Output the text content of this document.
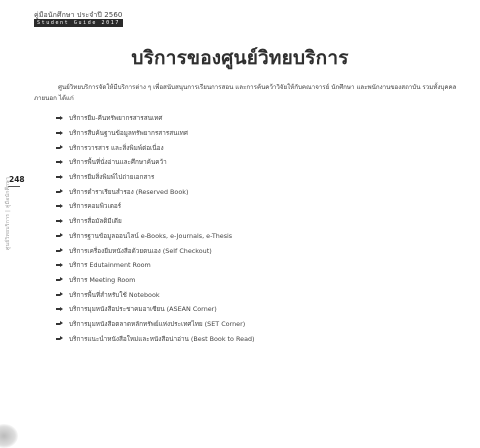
คู่มือนักศึกษา ประจำปี 2560
Student Guide 2017
บริการของศูนย์วิทยบริการ

ศูนย์วิทยบริการจัดให้มีบริการต่าง ๆ เพื่อสนับสนุนการเรียนการสอน และการค้นคว้าวิจัยให้กับคณาจารย์ นักศึกษา และพนักงานของสถาบัน รวมทั้งบุคคลภายนอก ได้แก่

บริการยืม-คืนทรัพยากรสารสนเทศ
บริการสืบค้นฐานข้อมูลทรัพยากรสารสนเทศ
บริการวารสาร และสิ่งพิมพ์ต่อเนื่อง
บริการพื้นที่นั่งอ่านและศึกษาค้นคว้า
บริการยืมสิ่งพิมพ์ไปถ่ายเอกสาร
บริการตำราเรียนสำรอง (Reserved Book)
บริการคอมพิวเตอร์
บริการสื่อมัลติมีเดีย
บริการฐานข้อมูลออนไลน์ e-Books, e-Journals, e-Thesis
บริการเครื่องยืมหนังสือด้วยตนเอง (Self Checkout)
บริการ Edutainment Room
บริการ Meeting Room
บริการพื้นที่สำหรับใช้ Notebook
บริการมุมหนังสือประชาคมอาเซียน (ASEAN Corner)
บริการมุมหนังสือตลาดหลักทรัพย์แห่งประเทศไทย (SET Corner)
บริการแนะนำหนังสือใหม่และหนังสือน่าอ่าน (Best Book to Read)
248
ศูนย์วิทยบริการ | คู่มือนักศึกษา
